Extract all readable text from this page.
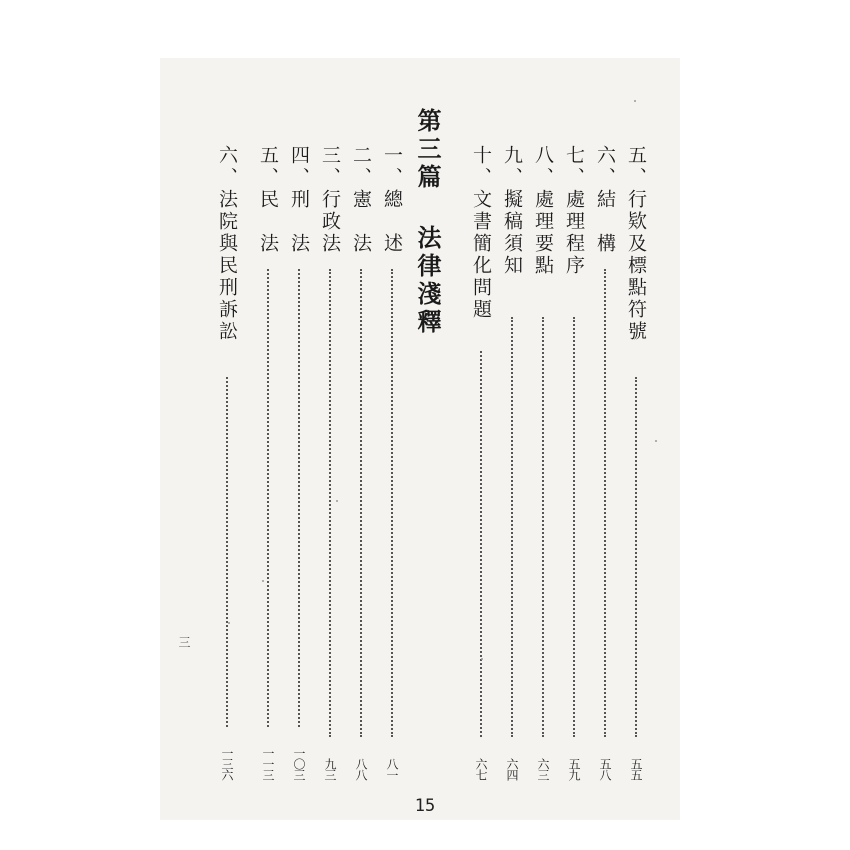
五、行欵及標點符號
五五
六、結　構
五八
七、處理程序
五九
八、處理要點
六三
九、擬稿須知
六四
十、文書簡化問題
六七
第三篇 法律淺釋
一、總　述
八一
二、憲　法
八八
三、行政法
九三
四、刑　法
一〇三
五、民　法
一一三
六、法院與民刑訴訟
一三六
三
15
